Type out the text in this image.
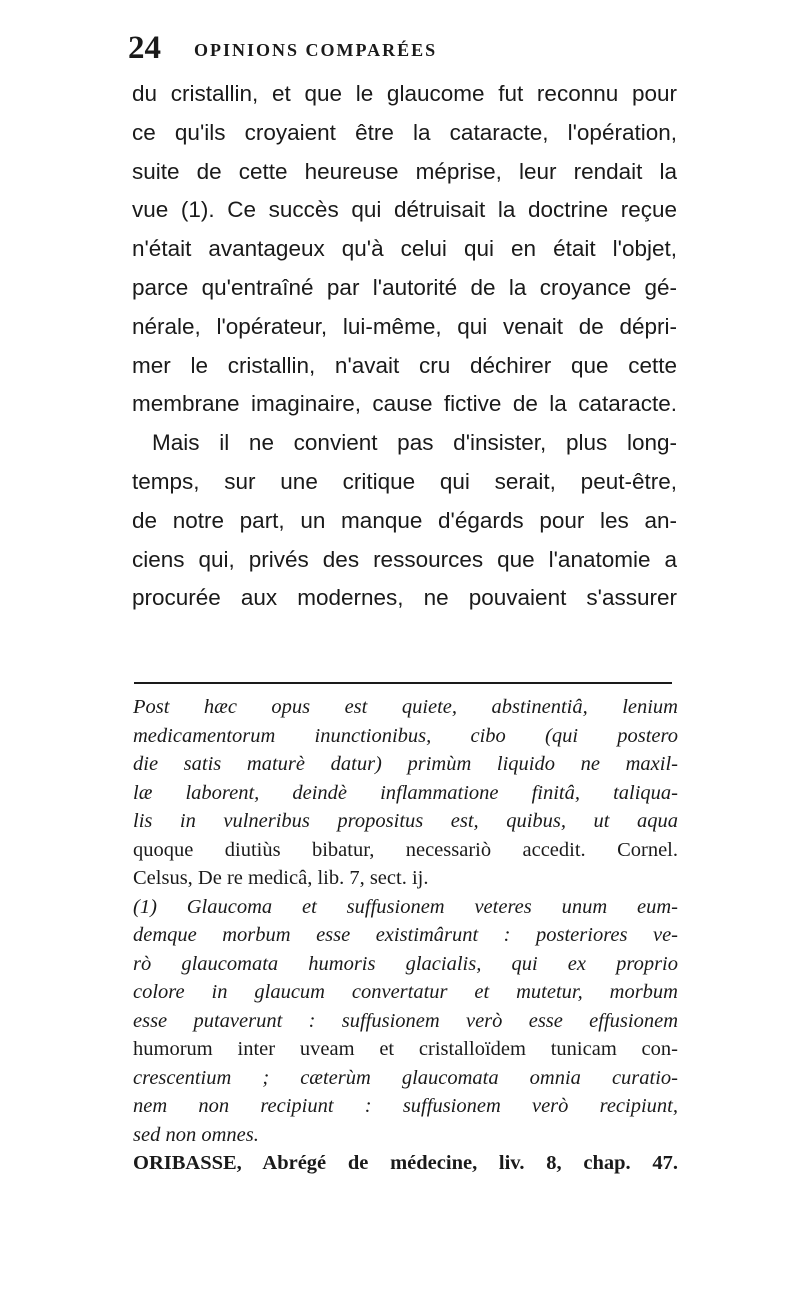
24 OPINIONS COMPARÉES
du cristallin, et que le glaucome fut reconnu pour
ce qu'ils croyaient être la cataracte, l'opération,
suite de cette heureuse méprise, leur rendait la
vue (1). Ce succès qui détruisait la doctrine reçue
n'était avantageux qu'à celui qui en était l'objet,
parce qu'entraîné par l'autorité de la croyance gé-
nérale, l'opérateur, lui-même, qui venait de dépri-
mer le cristallin, n'avait cru déchirer que cette
membrane imaginaire, cause fictive de la cataracte.
Mais il ne convient pas d'insister, plus long-
temps, sur une critique qui serait, peut-être,
de notre part, un manque d'égards pour les an-
ciens qui, privés des ressources que l'anatomie a
procurée aux modernes, ne pouvaient s'assurer
Post hæc opus est quiete, abstinentiâ, lenium
medicamentorum inunctionibus, cibo (qui postero
die satis maturè datur) primùm liquido ne maxil-
læ laborent, deindè inflammatione finitâ, taliqua-
lis in vulneribus propositus est, quibus, ut aqua
quoque diutiùs bibatur, necessariò accedit. Cornel.
Celsus, De re medicâ, lib. 7, sect. ij.
(1) Glaucoma et suffusionem veteres unum eum-
demque morbum esse existimârunt : posteriores ve-
rò glaucomata humoris glacialis, qui ex proprio
colore in glaucum convertatur et mutetur, morbum
esse putaverunt : suffusionem verò esse effusionem
humorum inter uveam et cristalloïdem tunicam con-
crescentium ; cæterùm glaucomata omnia curatio-
nem non recipiunt : suffusionem verò recipiunt,
sed non omnes.
ORIBASSE, Abrégé de médecine, liv. 8, chap. 47.
